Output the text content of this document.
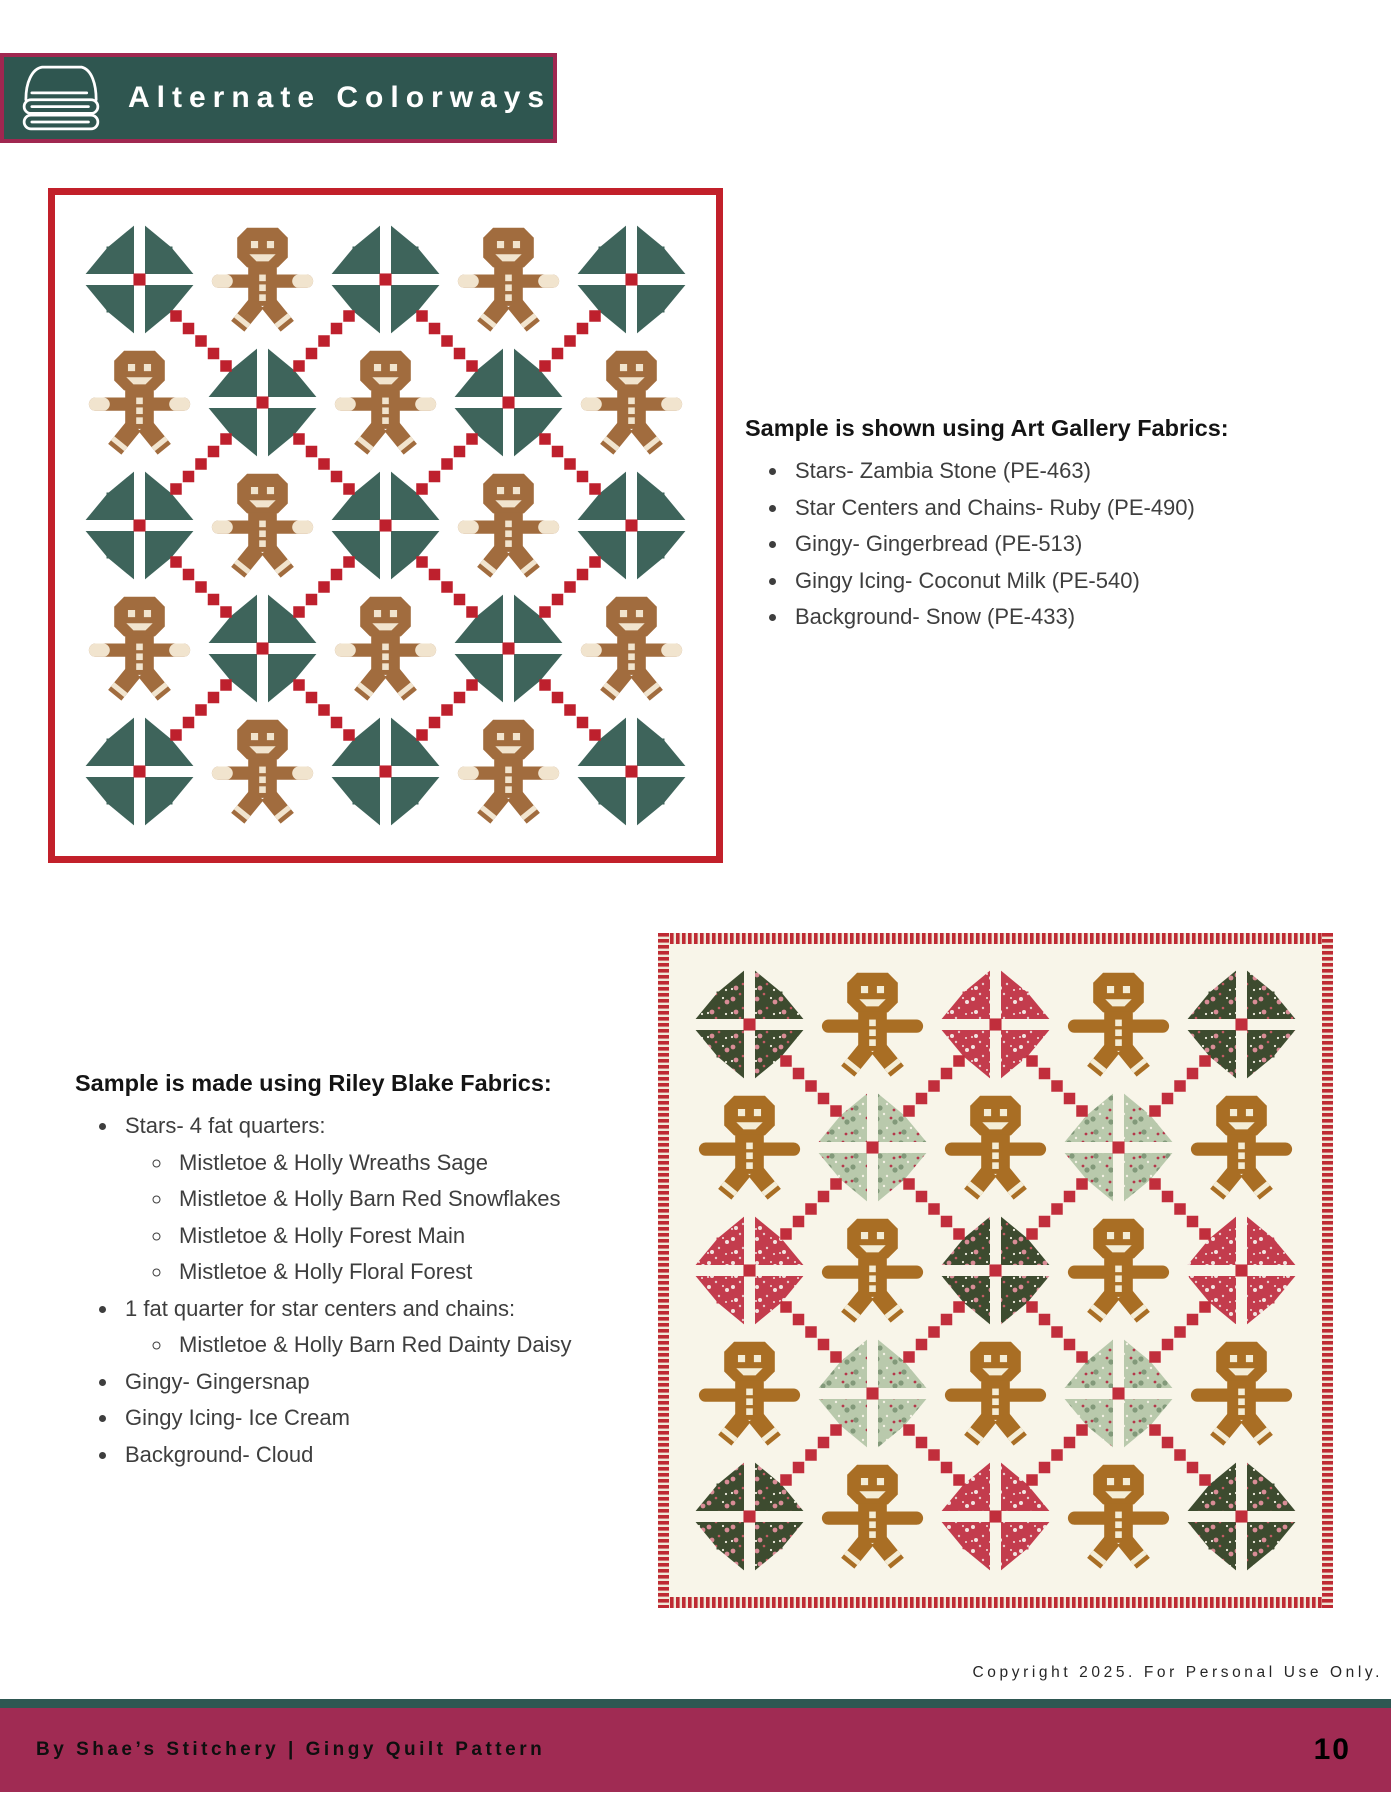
Alternate Colorways
Sample is shown using Art Gallery Fabrics:
• Stars- Zambia Stone (PE-463)
• Star Centers and Chains- Ruby (PE-490)
• Gingy- Gingerbread (PE-513)
• Gingy Icing- Coconut Milk (PE-540)
• Background- Snow (PE-433)
Sample is made using Riley Blake Fabrics:
• Stars- 4 fat quarters:
◦ Mistletoe & Holly Wreaths Sage
◦ Mistletoe & Holly Barn Red Snowflakes
◦ Mistletoe & Holly Forest Main
◦ Mistletoe & Holly Floral Forest
• 1 fat quarter for star centers and chains:
◦ Mistletoe & Holly Barn Red Dainty Daisy
• Gingy- Gingersnap
• Gingy Icing- Ice Cream
• Background- Cloud
Copyright 2025. For Personal Use Only.
By Shae’s Stitchery | Gingy Quilt Pattern	10
